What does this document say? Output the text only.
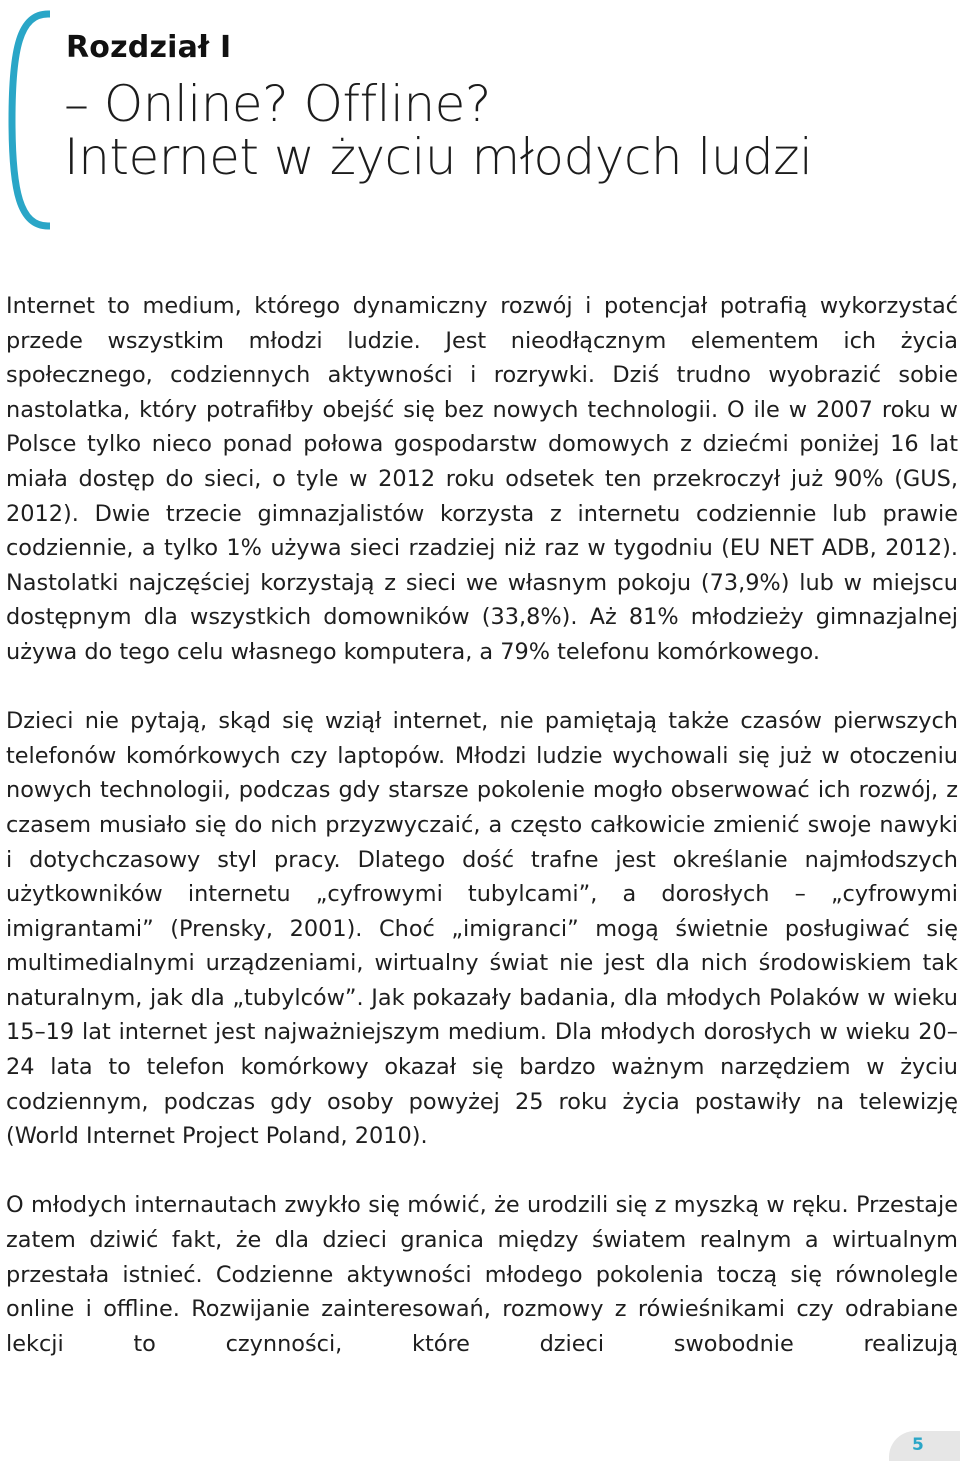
Rozdział I
– Online? Offline?
Internet w życiu młodych ludzi

Internet to medium, którego dynamiczny rozwój i potencjał potrafią wykorzystać przede wszystkim młodzi ludzie. Jest nieodłącznym elementem ich życia społecznego, codziennych aktywności i rozrywki. Dziś trudno wyobrazić sobie nastolatka, który potrafiłby obejść się bez nowych technologii. O ile w 2007 roku w Polsce tylko nieco ponad połowa gospodarstw domowych z dziećmi poniżej 16 lat miała dostęp do sieci, o tyle w 2012 roku odsetek ten przekroczył już 90% (GUS, 2012). Dwie trzecie gimnazjalistów korzysta z internetu codziennie lub prawie codziennie, a tylko 1% używa sieci rzadziej niż raz w tygodniu (EU NET ADB, 2012). Nastolatki najczęściej korzystają z sieci we własnym pokoju (73,9%) lub w miejscu dostępnym dla wszystkich domowników (33,8%). Aż 81% młodzieży gimnazjalnej używa do tego celu własnego komputera, a 79% telefonu komórkowego.

Dzieci nie pytają, skąd się wziął internet, nie pamiętają także czasów pierwszych telefonów komórkowych czy laptopów. Młodzi ludzie wychowali się już w otoczeniu nowych technologii, podczas gdy starsze pokolenie mogło obserwować ich rozwój, z czasem musiało się do nich przyzwyczaić, a często całkowicie zmienić swoje nawyki i dotychczasowy styl pracy. Dlatego dość trafne jest określanie najmłodszych użytkowników internetu „cyfrowymi tubylcami”, a dorosłych – „cyfrowymi imigrantami” (Prensky, 2001). Choć „imigranci” mogą świetnie posługiwać się multimedialnymi urządzeniami, wirtualny świat nie jest dla nich środowiskiem tak naturalnym, jak dla „tubylców”. Jak pokazały badania, dla młodych Polaków w wieku 15–19 lat internet jest najważniejszym medium. Dla młodych dorosłych w wieku 20–24 lata to telefon komórkowy okazał się bardzo ważnym narzędziem w życiu codziennym, podczas gdy osoby powyżej 25 roku życia postawiły na telewizję (World Internet Project Poland, 2010).

O młodych internautach zwykło się mówić, że urodzili się z myszką w ręku. Przestaje zatem dziwić fakt, że dla dzieci granica między światem realnym a wirtualnym przestała istnieć. Codzienne aktywności młodego pokolenia toczą się równolegle online i offline. Rozwijanie zainteresowań, rozmowy z rówieśnikami czy odrabiane lekcji to czynności, które dzieci swobodnie realizują

5
